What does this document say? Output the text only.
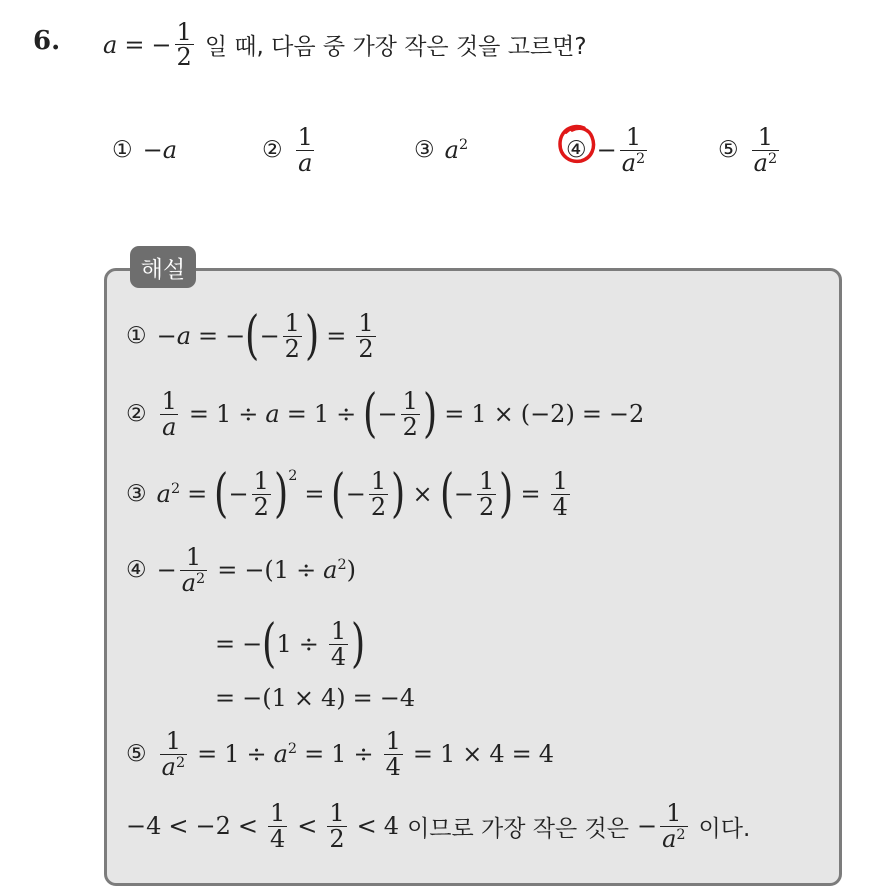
6. a = − $\frac{1}{2}$ 일 때, 다음 중 가장 작은 것을 고르면?
① −a	② $\frac{1}{a}$	③ $a^2$	④ − $\frac{1}{a^2}$	⑤ $\frac{1}{a^2}$
해설
① −a = − ( − $\frac{1}{2}$ ) = $\frac{1}{2}$
② $\frac{1}{a} = 1 \div a = 1$ ÷ ( − $\frac{1}{2}$ ) = 1 × (−2) = −2
③ $a^2$ = ( − $\frac{1}{2} )^2$
= ( − $\frac{1}{2}$ ) × ( − $\frac{1}{2}$ ) = $\frac{1}{4}$
④ − $\frac{1}{a^2} = -(1 \div a^2)$
= − ( $1 \div \frac{1}{4}$ )
= −(1 × 4) = −4
⑤ $\frac{1}{a^2} = 1 \div a^2 = 1 \div \frac{1}{4} = 1 \times 4 = 4$
$-4 < -2 < \frac{1}{4} < \frac{1}{2} < 4$ 이므로 가장 작은 것은 − $\frac{1}{a^2}$ 이다.
